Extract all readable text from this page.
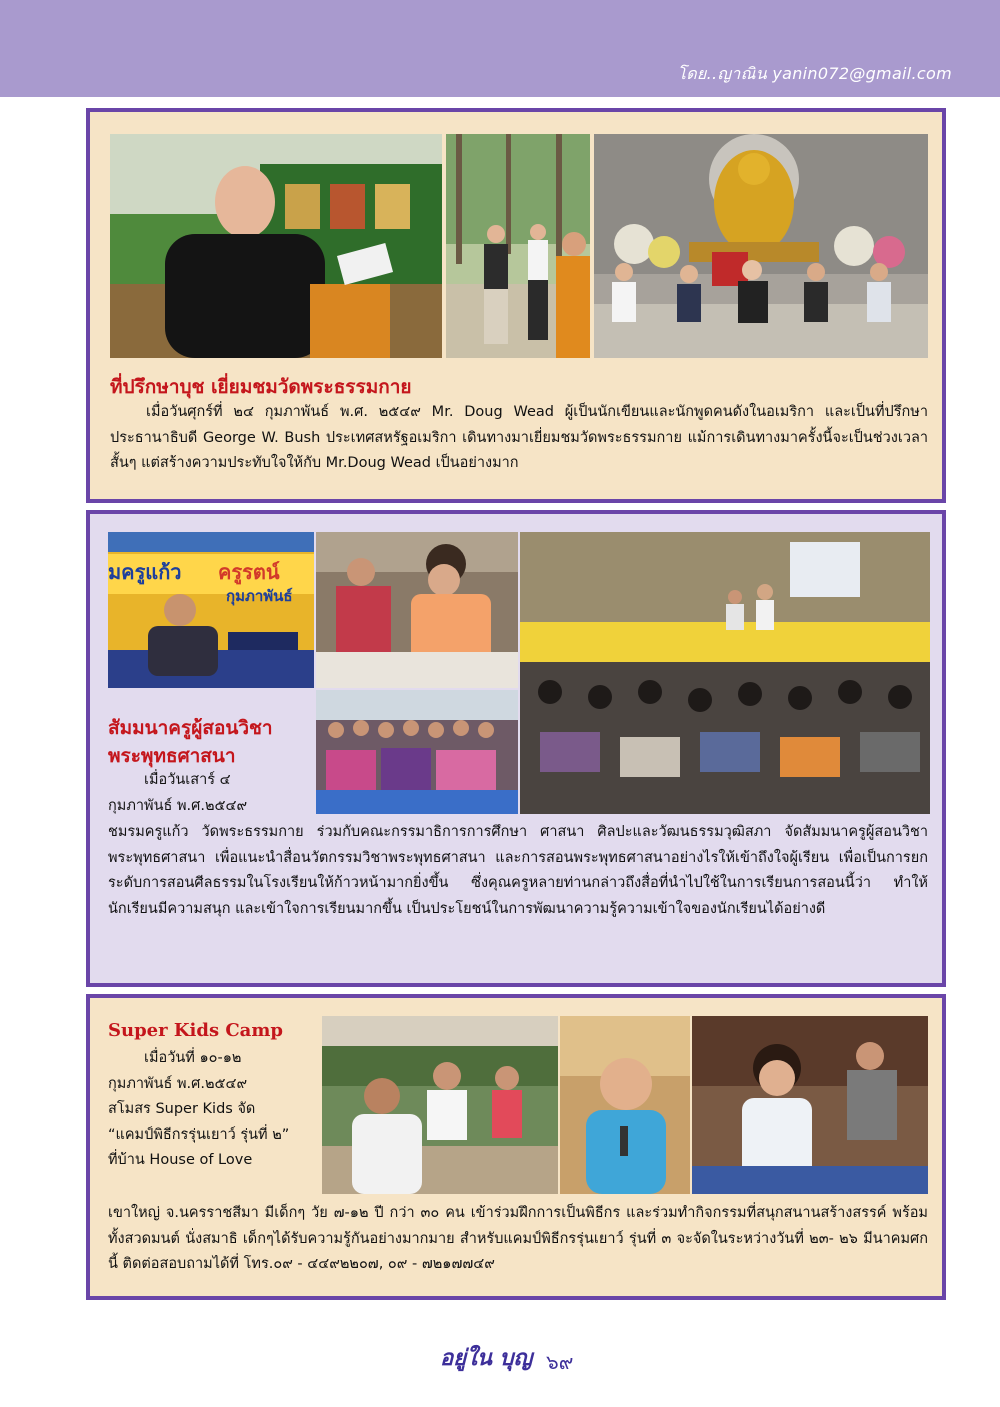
โดย..ญาณิน yanin072@gmail.com
ที่ปรึกษาบุช เยี่ยมชมวัดพระธรรมกาย
เมื่อวันศุกร์ที่ ๒๔ กุมภาพันธ์ พ.ศ. ๒๕๔๙ Mr. Doug Wead ผู้เป็นนักเขียนและนักพูดคนดังในอเมริกา และเป็นที่ปรึกษาประธานาธิบดี George W. Bush ประเทศสหรัฐอเมริกา เดินทางมาเยี่ยมชมวัดพระธรรมกาย แม้การเดินทางมาครั้งนี้จะเป็นช่วงเวลาสั้นๆ แต่สร้างความประทับใจให้กับ Mr.Doug Wead เป็นอย่างมาก
มครูแก้ว ครูรตน์
กุมภาพันธ์
สัมมนาครูผู้สอนวิชา
พระพุทธศาสนา
เมื่อวันเสาร์ ๔
กุมภาพันธ์ พ.ศ.๒๕๔๙
ชมรมครูแก้ว วัดพระธรรมกาย ร่วมกับคณะกรรมาธิการการศึกษา ศาสนา ศิลปะและวัฒนธรรมวุฒิสภา จัดสัมมนาครูผู้สอนวิชาพระพุทธศาสนา เพื่อแนะนำสื่อนวัตกรรมวิชาพระพุทธศาสนา และการสอนพระพุทธศาสนาอย่างไรให้เข้าถึงใจผู้เรียน เพื่อเป็นการยกระดับการสอนศีลธรรมในโรงเรียนให้ก้าวหน้ามากยิ่งขึ้น ซึ่งคุณครูหลายท่านกล่าวถึงสื่อที่นำไปใช้ในการเรียนการสอนนี้ว่า ทำให้นักเรียนมีความสนุก และเข้าใจการเรียนมากขึ้น เป็นประโยชน์ในการพัฒนาความรู้ความเข้าใจของนักเรียนได้อย่างดี
Super Kids Camp
เมื่อวันที่ ๑๐-๑๒
กุมภาพันธ์ พ.ศ.๒๕๔๙
สโมสร Super Kids จัด
“แคมป์พิธีกรรุ่นเยาว์ รุ่นที่ ๒”
ที่บ้าน House of Love
เขาใหญ่ จ.นครราชสีมา มีเด็กๆ วัย ๗-๑๒ ปี กว่า ๓๐ คน เข้าร่วมฝึกการเป็นพิธีกร และร่วมทำกิจกรรมที่สนุกสนานสร้างสรรค์ พร้อมทั้งสวดมนต์ นั่งสมาธิ เด็กๆได้รับความรู้กันอย่างมากมาย สำหรับแคมป์พิธีกรรุ่นเยาว์ รุ่นที่ ๓ จะจัดในระหว่างวันที่ ๒๓- ๒๖ มีนาคมศกนี้ ติดต่อสอบถามได้ที่ โทร.๐๙ - ๔๔๙๒๒๐๗, ๐๙ - ๗๒๑๗๗๔๙
อยู่ใน บุญ ๖๙
